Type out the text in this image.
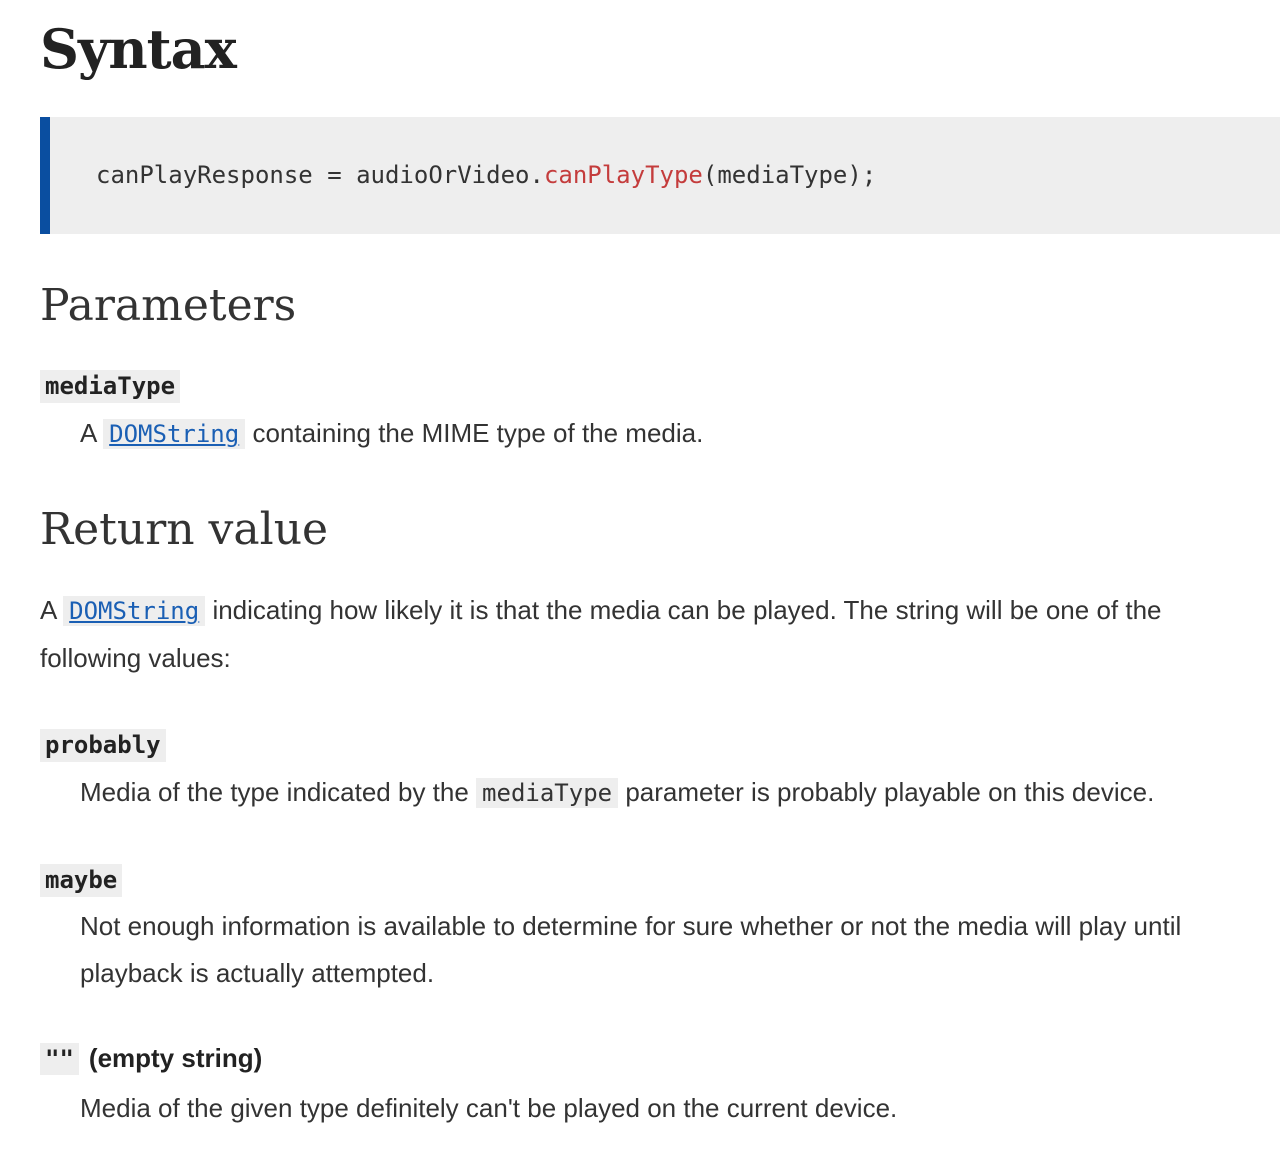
Syntax
canPlayResponse = audioOrVideo.canPlayType(mediaType);
Parameters
mediaType

A DOMString containing the MIME type of the media.

Return value

A DOMString indicating how likely it is that the media can be played. The string will be one of the following values:

probably

Media of the type indicated by the mediaType parameter is probably playable on this device.

maybe

Not enough information is available to determine for sure whether or not the media will play until playback is actually attempted.

"" (empty string)

Media of the given type definitely can't be played on the current device.
